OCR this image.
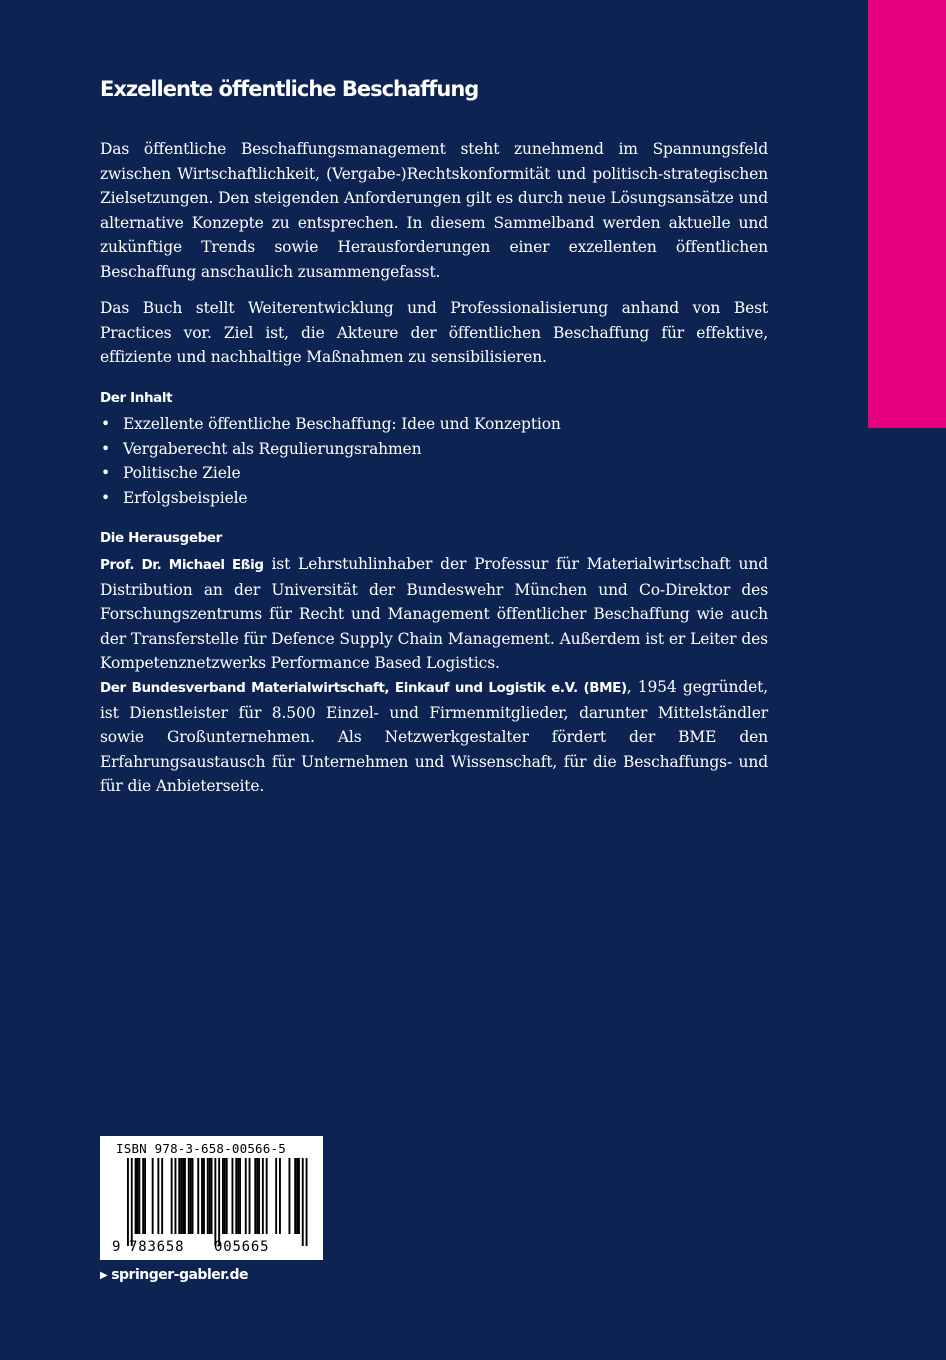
Exzellente öffentliche Beschaffung

Das öffentliche Beschaffungsmanagement steht zunehmend im Spannungsfeld zwischen Wirtschaftlichkeit, (Vergabe-)Rechtskonformität und politisch-strategischen Zielsetzungen. Den steigenden Anforderungen gilt es durch neue Lösungsansätze und alternative Konzepte zu entsprechen. In diesem Sammelband werden aktuelle und zukünftige Trends sowie Herausforderungen einer exzellenten öffentlichen Beschaffung anschaulich zusammengefasst.

Das Buch stellt Weiterentwicklung und Professionalisierung anhand von Best Practices vor. Ziel ist, die Akteure der öffentlichen Beschaffung für effektive, effiziente und nachhaltige Maßnahmen zu sensibilisieren.

Der Inhalt

• Exzellente öffentliche Beschaffung: Idee und Konzeption
• Vergaberecht als Regulierungsrahmen
• Politische Ziele
• Erfolgsbeispiele

Die Herausgeber

Prof. Dr. Michael Eßig ist Lehrstuhlinhaber der Professur für Materialwirtschaft und Distribution an der Universität der Bundeswehr München und Co-Direktor des Forschungszentrums für Recht und Management öffentlicher Beschaffung wie auch der Transferstelle für Defence Supply Chain Management. Außerdem ist er Leiter des Kompetenznetzwerks Performance Based Logistics.

Der Bundesverband Materialwirtschaft, Einkauf und Logistik e.V. (BME), 1954 gegründet, ist Dienstleister für 8.500 Einzel- und Firmenmitglieder, darunter Mittelständler sowie Großunternehmen. Als Netzwerkgestalter fördert der BME den Erfahrungsaustausch für Unternehmen und Wissenschaft, für die Beschaffungs- und für die Anbieterseite.

ISBN 978-3-658-00566-5
9 783658 005665
▶ springer-gabler.de
